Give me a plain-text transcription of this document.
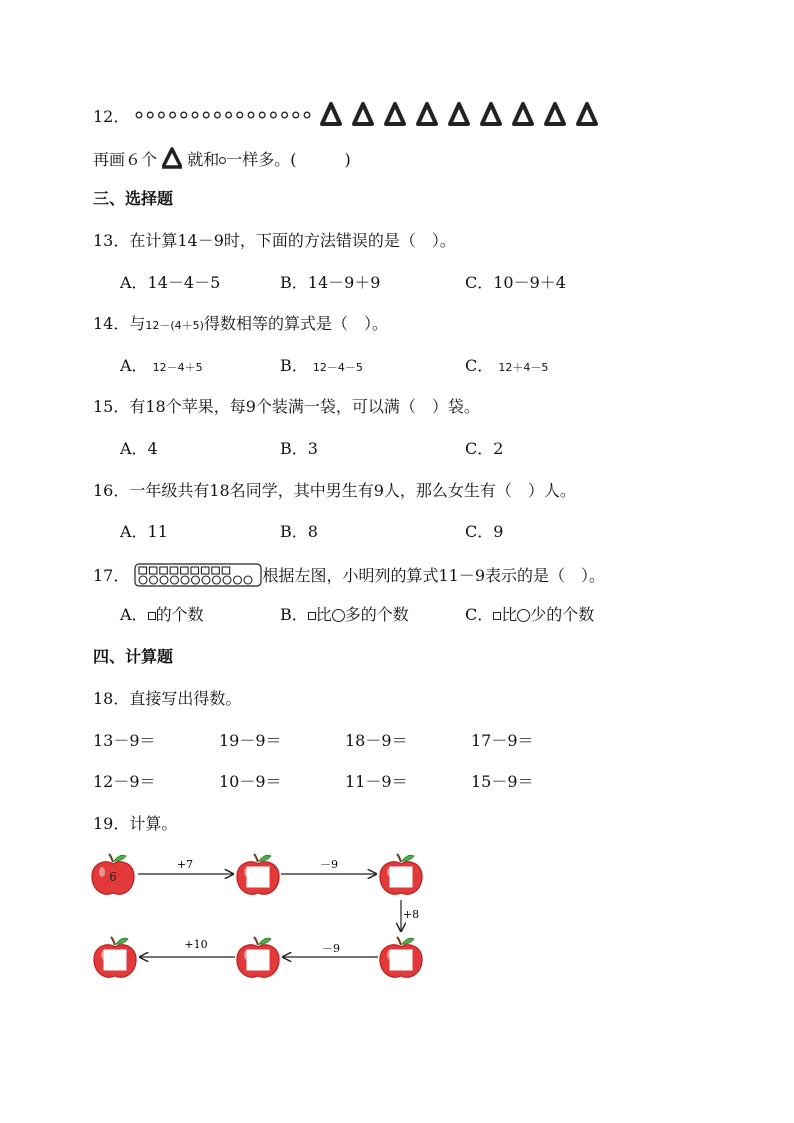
12．
再画６个 就和 一样多。(　　　)
三、选择题
13．在计算14－9时，下面的方法错误的是（　）。
A．14－4－5	B．14－9＋9	C．10－9＋4
14．与12－(4＋5)得数相等的算式是（　）。
A． 12－4＋5	B． 12－4－5	C． 12＋4－5
15．有18个苹果，每9个装满一袋，可以满（　）袋。
A．4	B．3	C．2
16．一年级共有18名同学，其中男生有9人，那么女生有（　）人。
A．11	B．8	C．9
17．	根据左图，小明列的算式11－9表示的是（　）。
A． 的个数	B． 比 多的个数	C． 比 少的个数
四、计算题
18．直接写出得数。
13－9＝	19－9＝	18－9＝	17－9＝
12－9＝	10－9＝	11－9＝	15－9＝
19．计算。
+7	－9
+8
－9
+10
6
